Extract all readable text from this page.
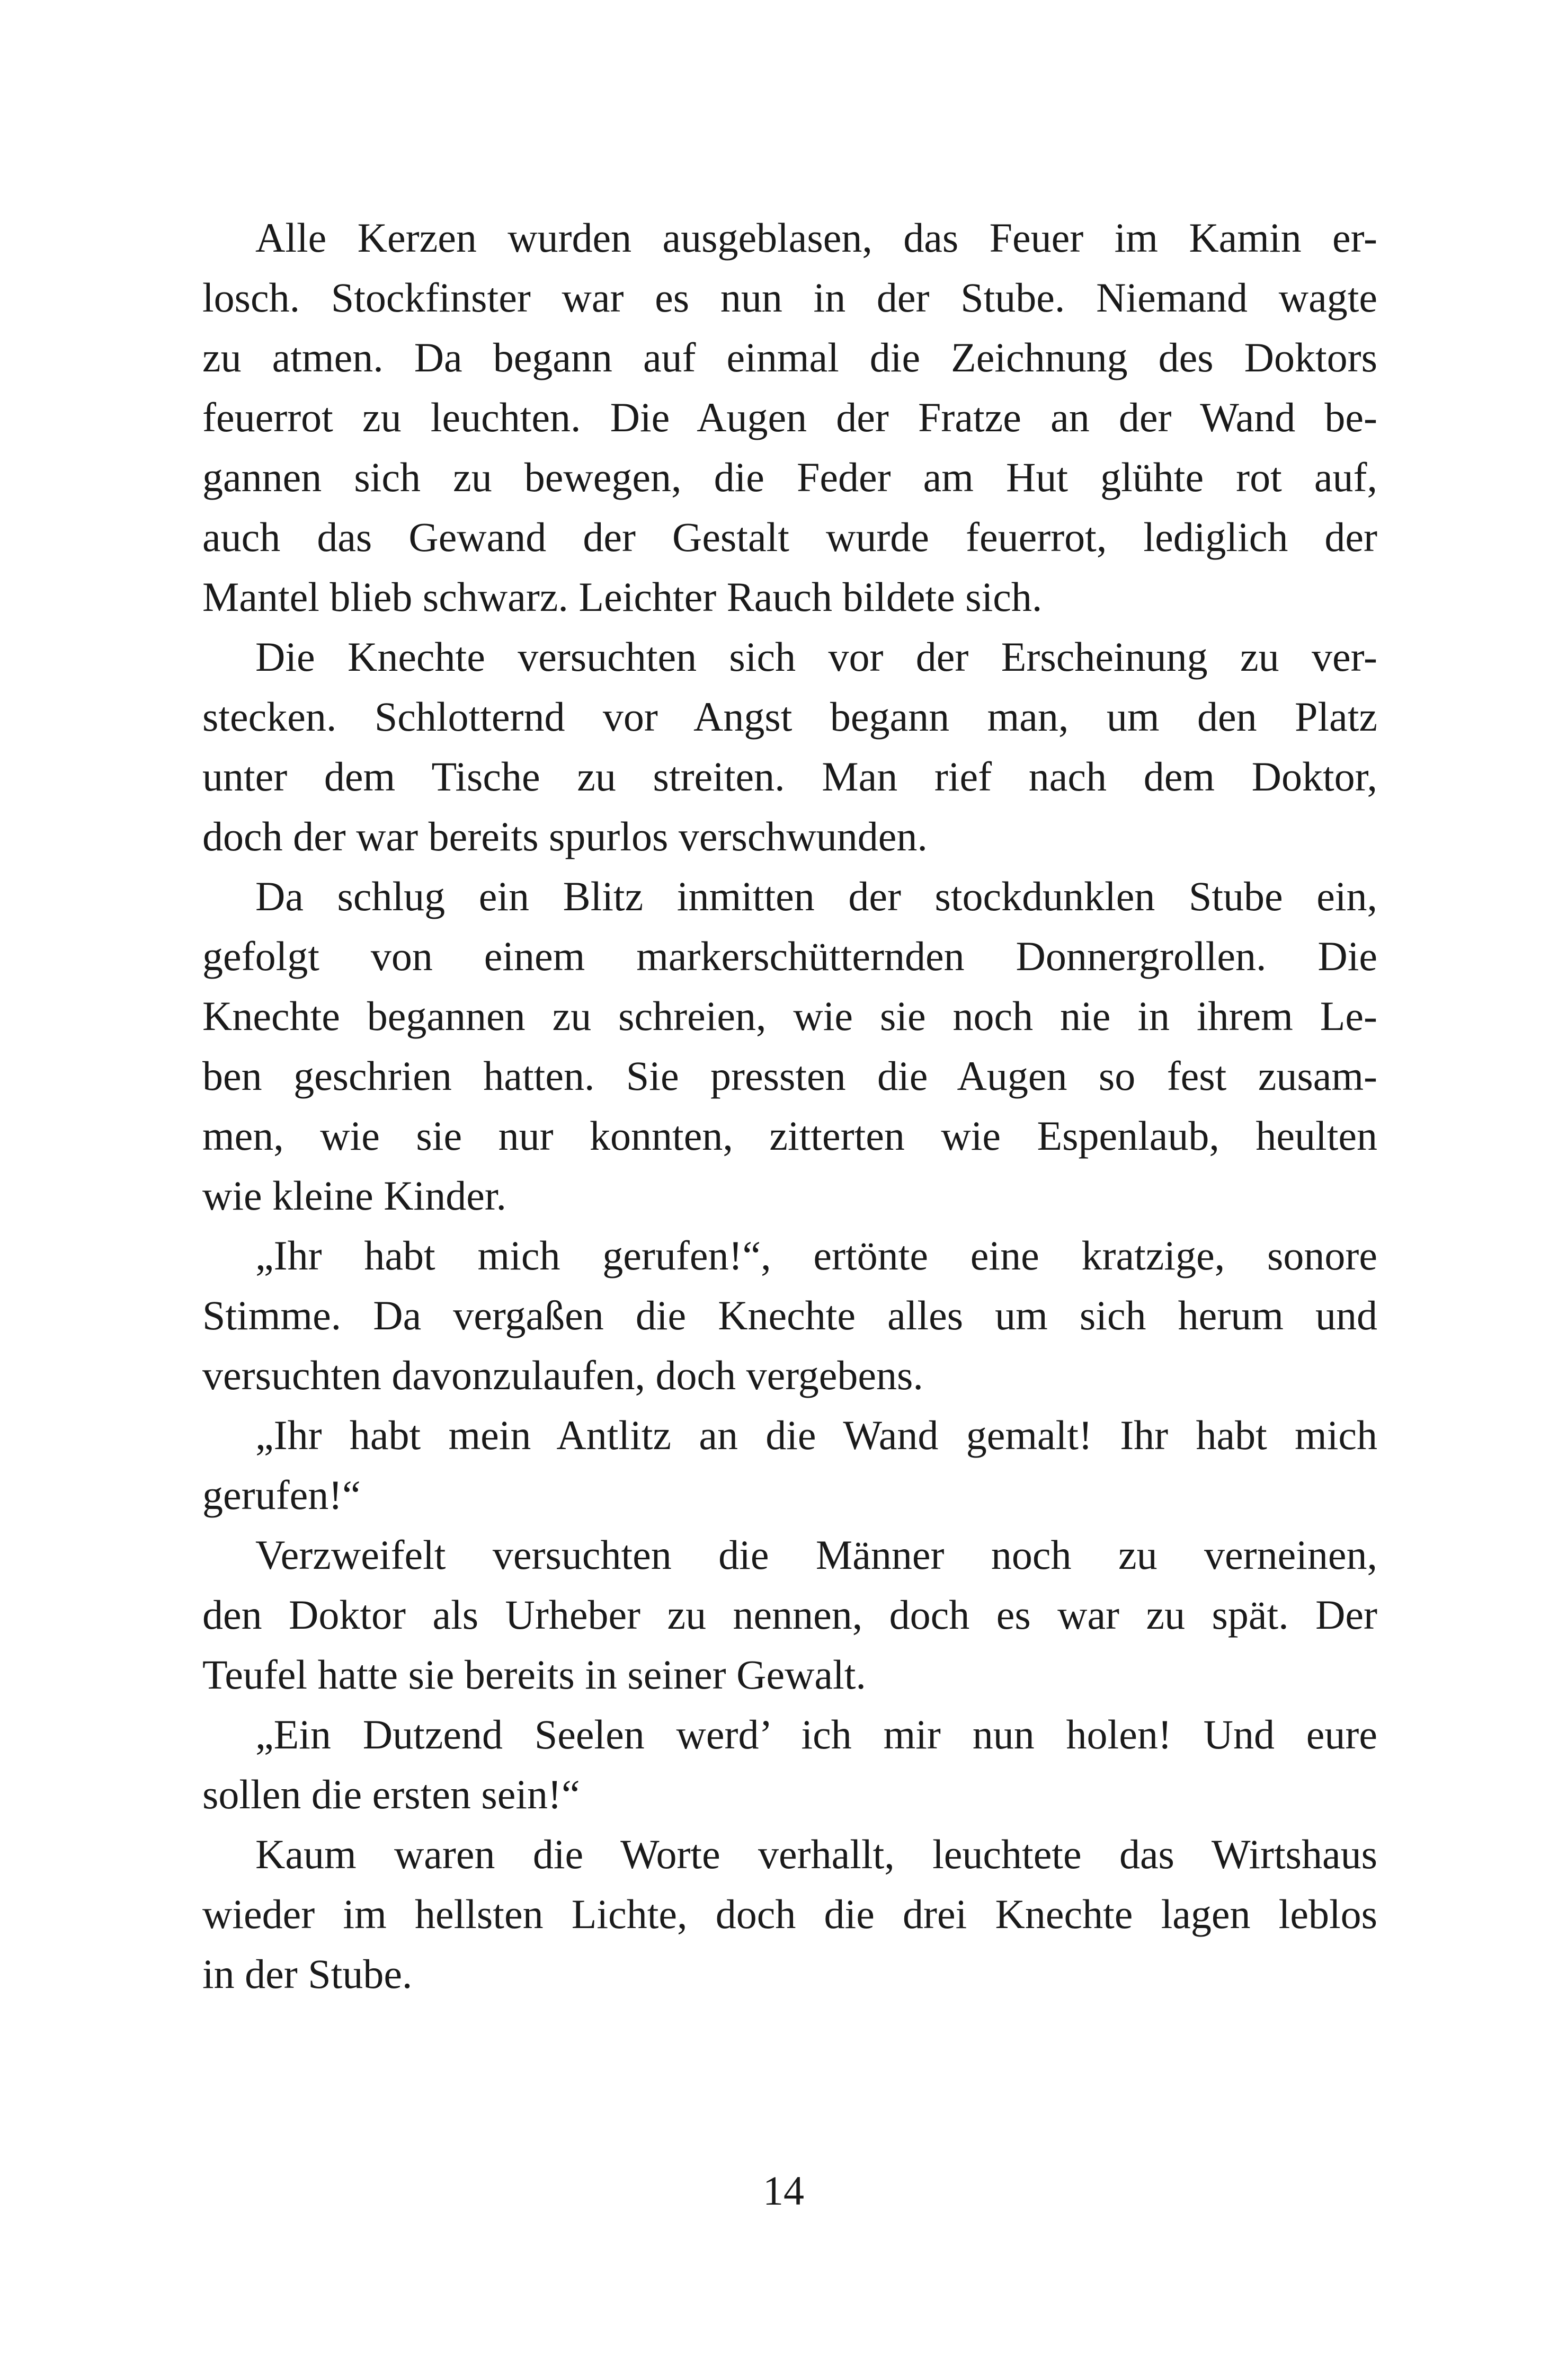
Alle Kerzen wurden ausgeblasen, das Feuer im Kamin er-
losch. Stockfinster war es nun in der Stube. Niemand wagte
zu atmen. Da begann auf einmal die Zeichnung des Doktors
feuerrot zu leuchten. Die Augen der Fratze an der Wand be-
gannen sich zu bewegen, die Feder am Hut glühte rot auf,
auch das Gewand der Gestalt wurde feuerrot, lediglich der
Mantel blieb schwarz. Leichter Rauch bildete sich.
Die Knechte versuchten sich vor der Erscheinung zu ver-
stecken. Schlotternd vor Angst begann man, um den Platz
unter dem Tische zu streiten. Man rief nach dem Doktor,
doch der war bereits spurlos verschwunden.
Da schlug ein Blitz inmitten der stockdunklen Stube ein,
gefolgt von einem markerschütternden Donnergrollen. Die
Knechte begannen zu schreien, wie sie noch nie in ihrem Le-
ben geschrien hatten. Sie pressten die Augen so fest zusam-
men, wie sie nur konnten, zitterten wie Espenlaub, heulten
wie kleine Kinder.
„Ihr habt mich gerufen!“, ertönte eine kratzige, sonore
Stimme. Da vergaßen die Knechte alles um sich herum und
versuchten davonzulaufen, doch vergebens.
„Ihr habt mein Antlitz an die Wand gemalt! Ihr habt mich
gerufen!“
Verzweifelt versuchten die Männer noch zu verneinen,
den Doktor als Urheber zu nennen, doch es war zu spät. Der
Teufel hatte sie bereits in seiner Gewalt.
„Ein Dutzend Seelen werd’ ich mir nun holen! Und eure
sollen die ersten sein!“
Kaum waren die Worte verhallt, leuchtete das Wirtshaus
wieder im hellsten Lichte, doch die drei Knechte lagen leblos
in der Stube.
14
